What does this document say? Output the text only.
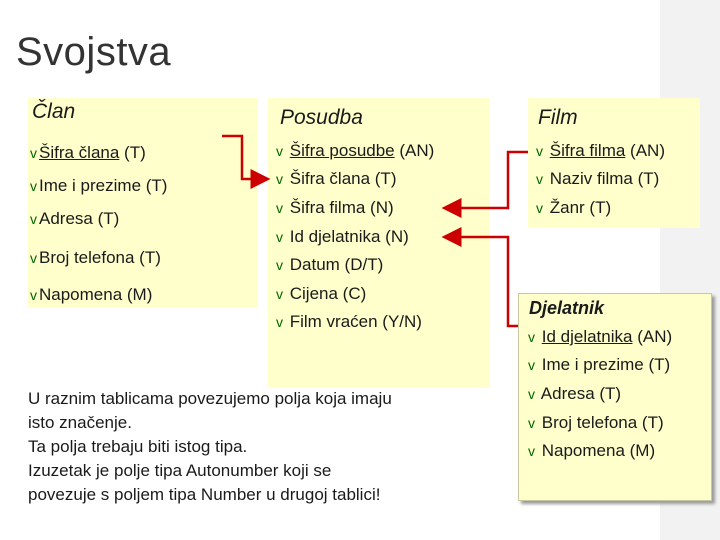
Svojstva
Član
v Šifra člana (T)
v Ime i prezime (T)
v Adresa (T)
v Broj telefona (T)
v Napomena (M)
Posudba
v Šifra posudbe (AN)
v Šifra člana (T)
v Šifra filma (N)
v Id djelatnika (N)
v Datum (D/T)
v Cijena (C)
v Film vraćen (Y/N)
Film
v Šifra filma (AN)
v Naziv filma (T)
v Žanr (T)
Djelatnik
v Id djelatnika (AN)
v Ime i prezime (T)
v Adresa (T)
v Broj telefona (T)
v Napomena (M)
U raznim tablicama povezujemo polja koja imaju
isto značenje.
Ta polja trebaju biti istog tipa.
Izuzetak je polje tipa Autonumber koji se
povezuje s poljem tipa Number u drugoj tablici!
